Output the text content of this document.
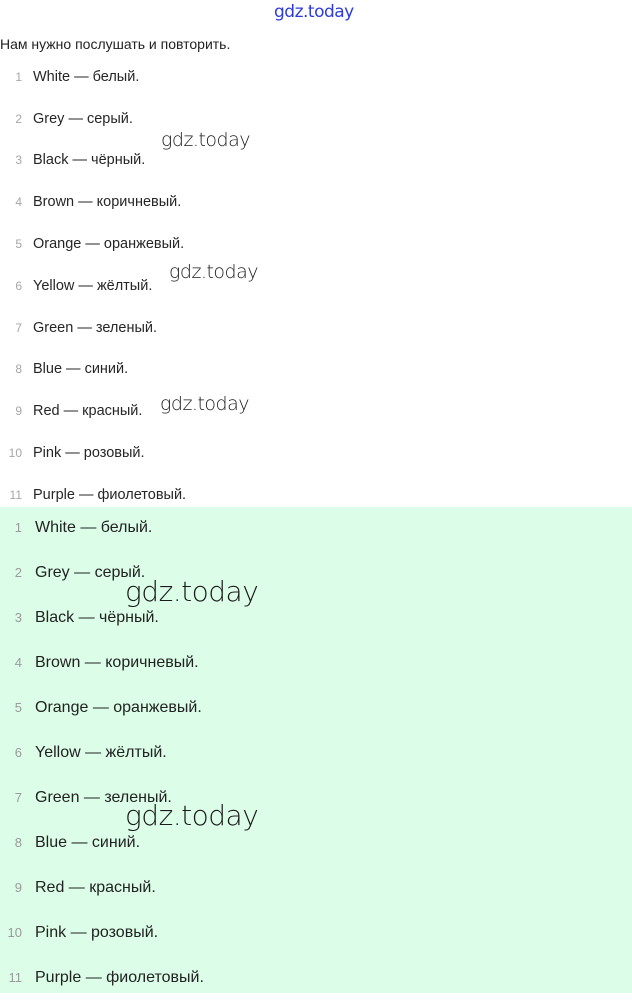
gdz.today
Нам нужно послушать и повторить.
1 White — белый.
2 Grey — серый.
3 Black — чёрный.
4 Brown — коричневый.
5 Orange — оранжевый.
6 Yellow — жёлтый.
7 Green — зеленый.
8 Blue — синий.
9 Red — красный.
10 Pink — розовый.
11 Purple — фиолетовый.
1 White — белый.
2 Grey — серый.
3 Black — чёрный.
4 Brown — коричневый.
5 Orange — оранжевый.
6 Yellow — жёлтый.
7 Green — зеленый.
8 Blue — синий.
9 Red — красный.
10 Pink — розовый.
11 Purple — фиолетовый.
gdz.today
gdz.today
gdz.today
gdz.today
gdz.today
